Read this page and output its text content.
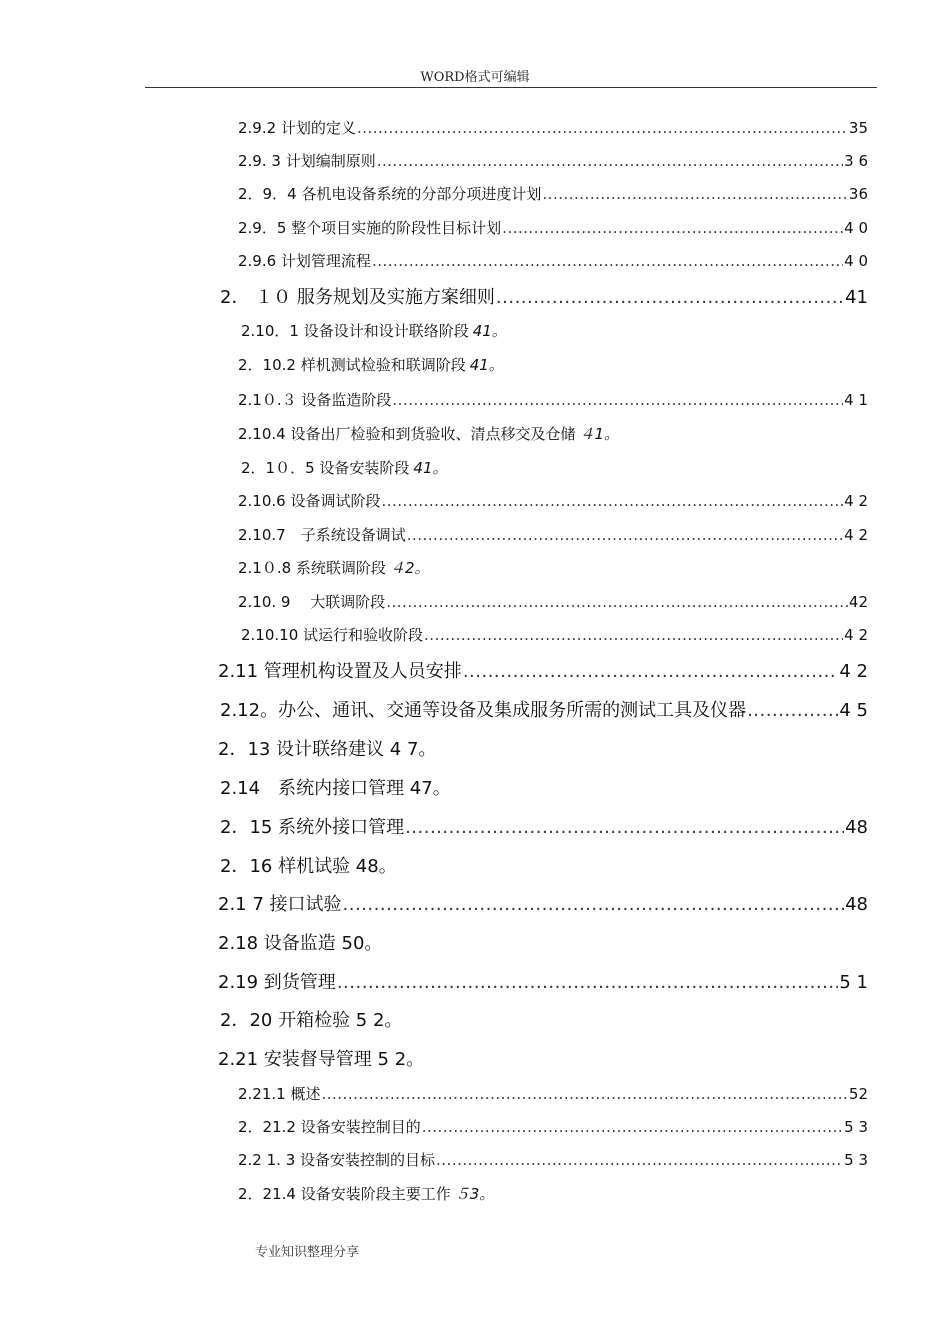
WORD格式可编辑
2.9.2 计划的定义 .....	35
2.9. 3 计划编制原则 .....	3 6
2．9．4 各机电设备系统的分部分项进度计划 .....	36
2.9．5 整个项目实施的阶段性目标计划 .....	4 0
2.9.6 计划管理流程 .....	4 0
2． １０ 服务规划及实施方案细则 .....	41
2.10．1 设备设计和设计联络阶段 41。
2．10.2 样机测试检验和联调阶段 41。
2.1０.３ 设备监造阶段 .....	4 1
2.10.4 设备出厂检验和到货验收、清点移交及仓储 ４1。
2．1０．5 设备安装阶段 41。
2.10.6 设备调试阶段 .....	4 2
2.10.7　子系统设备调试 .....	4 2
2.1０.8 系统联调阶段 ４2。
2.10. 9　 大联调阶段 .....	42
2.10.10 试运行和验收阶段 .....	4 2
2.11 管理机构设置及人员安排 .....	4 2
2.12。办公、通讯、交通等设备及集成服务所需的测试工具及仪器 .....	4 5
2．13 设计联络建议 4 7。
2.14　系统内接口管理 47。
2．15 系统外接口管理 .....	48
2．16 样机试验 48。
2.1 7 接口试验 .....	48
2.18 设备监造 50。
2.19 到货管理 .....	5 1
2．20 开箱检验 5 2。
2.21 安装督导管理 5 2。
2.21.1 概述 .....	52
2．21.2 设备安装控制目的 .....	5 3
2.2 1. 3 设备安装控制的目标 .....	5 3
2．21.4 设备安装阶段主要工作 ５3。
专业知识整理分享
